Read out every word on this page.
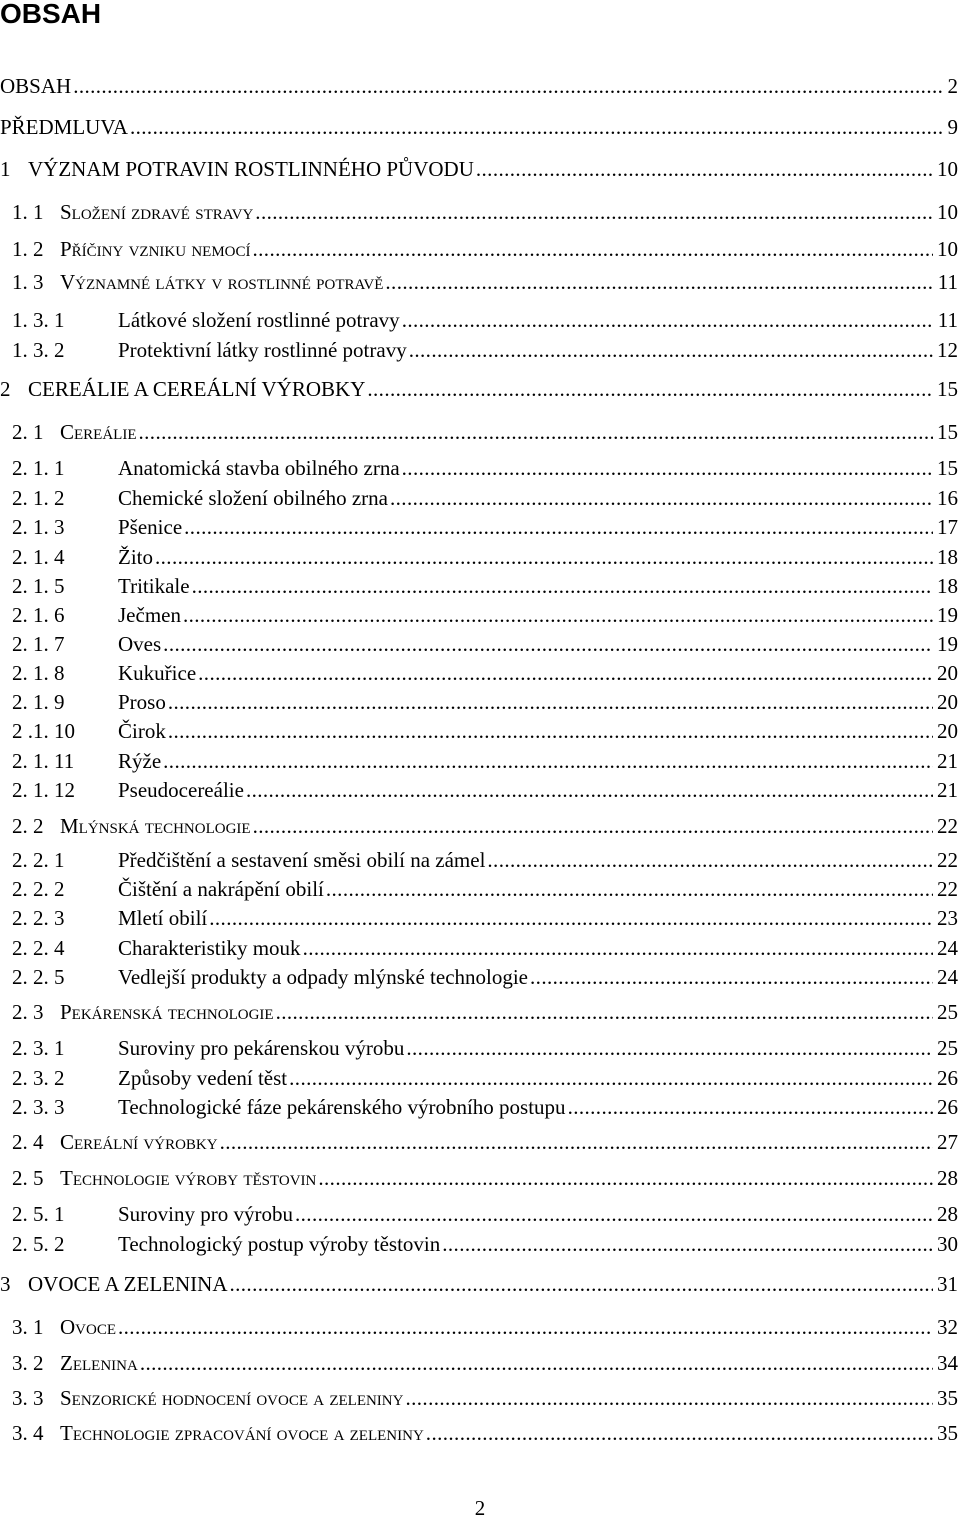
OBSAH
OBSAH .....	2
PŘEDMLUVA .....	9
1 VÝZNAM POTRAVIN ROSTLINNÉHO PŮVODU .....	10
1. 1 Složení zdravé stravy .....	10
1. 2 Příčiny vzniku nemocí .....	10
1. 3 Významné látky v rostlinné potravě .....	11
1. 3. 1	Látkové složení rostlinné potravy .....	11
1. 3. 2	Protektivní látky rostlinné potravy .....	12
2 CEREÁLIE A CEREÁLNÍ VÝROBKY .....	15
2. 1 Cereálie .....	15
2. 1. 1	Anatomická stavba obilného zrna .....	15
2. 1. 2	Chemické složení obilného zrna .....	16
2. 1. 3	Pšenice .....	17
2. 1. 4	Žito .....	18
2. 1. 5	Tritikale .....	18
2. 1. 6	Ječmen .....	19
2. 1. 7	Oves .....	19
2. 1. 8	Kukuřice .....	20
2. 1. 9	Proso .....	20
2 .1. 10	Čirok .....	20
2. 1. 11	Rýže .....	21
2. 1. 12	Pseudocereálie .....	21
2. 2 Mlýnská technologie .....	22
2. 2. 1	Předčištění a sestavení směsi obilí na zámel .....	22
2. 2. 2	Čištění a nakrápění obilí .....	22
2. 2. 3	Mletí obilí .....	23
2. 2. 4	Charakteristiky mouk .....	24
2. 2. 5	Vedlejší produkty a odpady mlýnské technologie .....	24
2. 3 Pekárenská technologie .....	25
2. 3. 1	Suroviny pro pekárenskou výrobu .....	25
2. 3. 2	Způsoby vedení těst .....	26
2. 3. 3	Technologické fáze pekárenského výrobního postupu .....	26
2. 4 Cereální výrobky .....	27
2. 5 Technologie výroby těstovin .....	28
2. 5. 1	Suroviny pro výrobu .....	28
2. 5. 2	Technologický postup výroby těstovin .....	30
3 OVOCE A ZELENINA .....	31
3. 1 Ovoce .....	32
3. 2 Zelenina .....	34
3. 3 Senzorické hodnocení ovoce a zeleniny .....	35
3. 4 Technologie zpracování ovoce a zeleniny .....	35
2
